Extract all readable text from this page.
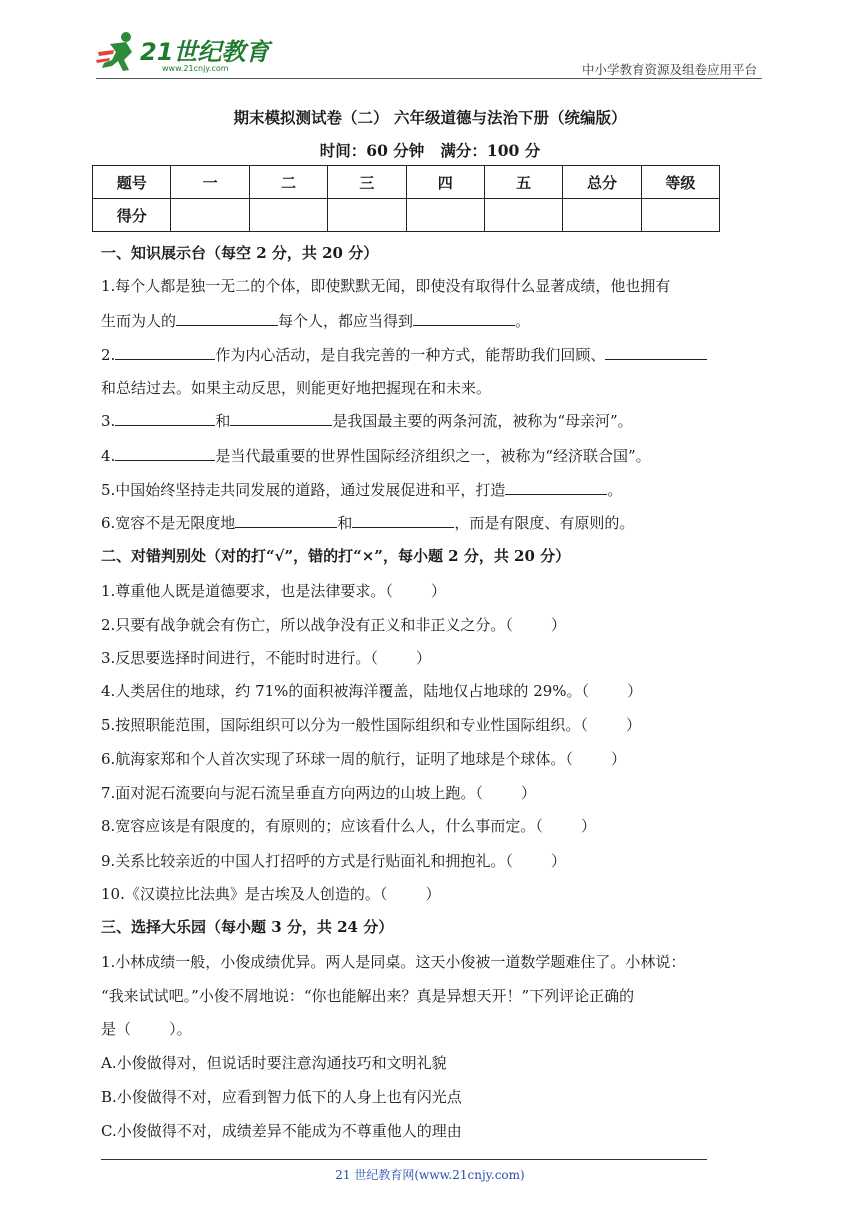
21世纪教育
www.21cnjy.com	中小学教育资源及组卷应用平台
期末模拟测试卷（二） 六年级道德与法治下册（统编版）
时间：60 分钟   满分：100 分
题号	一	二	三	四	五	总分	等级
得分							
一、知识展示台（每空 2 分，共 20 分）
1.每个人都是独一无二的个体，即使默默无闻，即使没有取得什么显著成绩，他也拥有
生而为人的	每个人，都应当得到	。
2.	作为内心活动，是自我完善的一种方式，能帮助我们回顾、
和总结过去。如果主动反思，则能更好地把握现在和未来。
3.	和	是我国最主要的两条河流，被称为“母亲河”。
4.	是当代最重要的世界性国际经济组织之一，被称为“经济联合国”。
5.中国始终坚持走共同发展的道路，通过发展促进和平，打造	。
6.宽容不是无限度地	和	，而是有限度、有原则的。
二、对错判别处（对的打“√”，错的打“×”，每小题 2 分，共 20 分）
1.尊重他人既是道德要求，也是法律要求。（        ）
2.只要有战争就会有伤亡，所以战争没有正义和非正义之分。（        ）
3.反思要选择时间进行，不能时时进行。（        ）
4.人类居住的地球，约 71%的面积被海洋覆盖，陆地仅占地球的 29%。（        ）
5.按照职能范围，国际组织可以分为一般性国际组织和专业性国际组织。（        ）
6.航海家郑和个人首次实现了环球一周的航行，证明了地球是个球体。（        ）
7.面对泥石流要向与泥石流呈垂直方向两边的山坡上跑。（        ）
8.宽容应该是有限度的，有原则的；应该看什么人，什么事而定。（        ）
9.关系比较亲近的中国人打招呼的方式是行贴面礼和拥抱礼。（        ）
10.《汉谟拉比法典》是古埃及人创造的。（        ）
三、选择大乐园（每小题 3 分，共 24 分）
1.小林成绩一般，小俊成绩优异。两人是同桌。这天小俊被一道数学题难住了。小林说：
“我来试试吧。”小俊不屑地说：“你也能解出来？真是异想天开！”下列评论正确的
是（        ）。
A.小俊做得对，但说话时要注意沟通技巧和文明礼貌
B.小俊做得不对，应看到智力低下的人身上也有闪光点
C.小俊做得不对，成绩差异不能成为不尊重他人的理由
21 世纪教育网(www.21cnjy.com)
